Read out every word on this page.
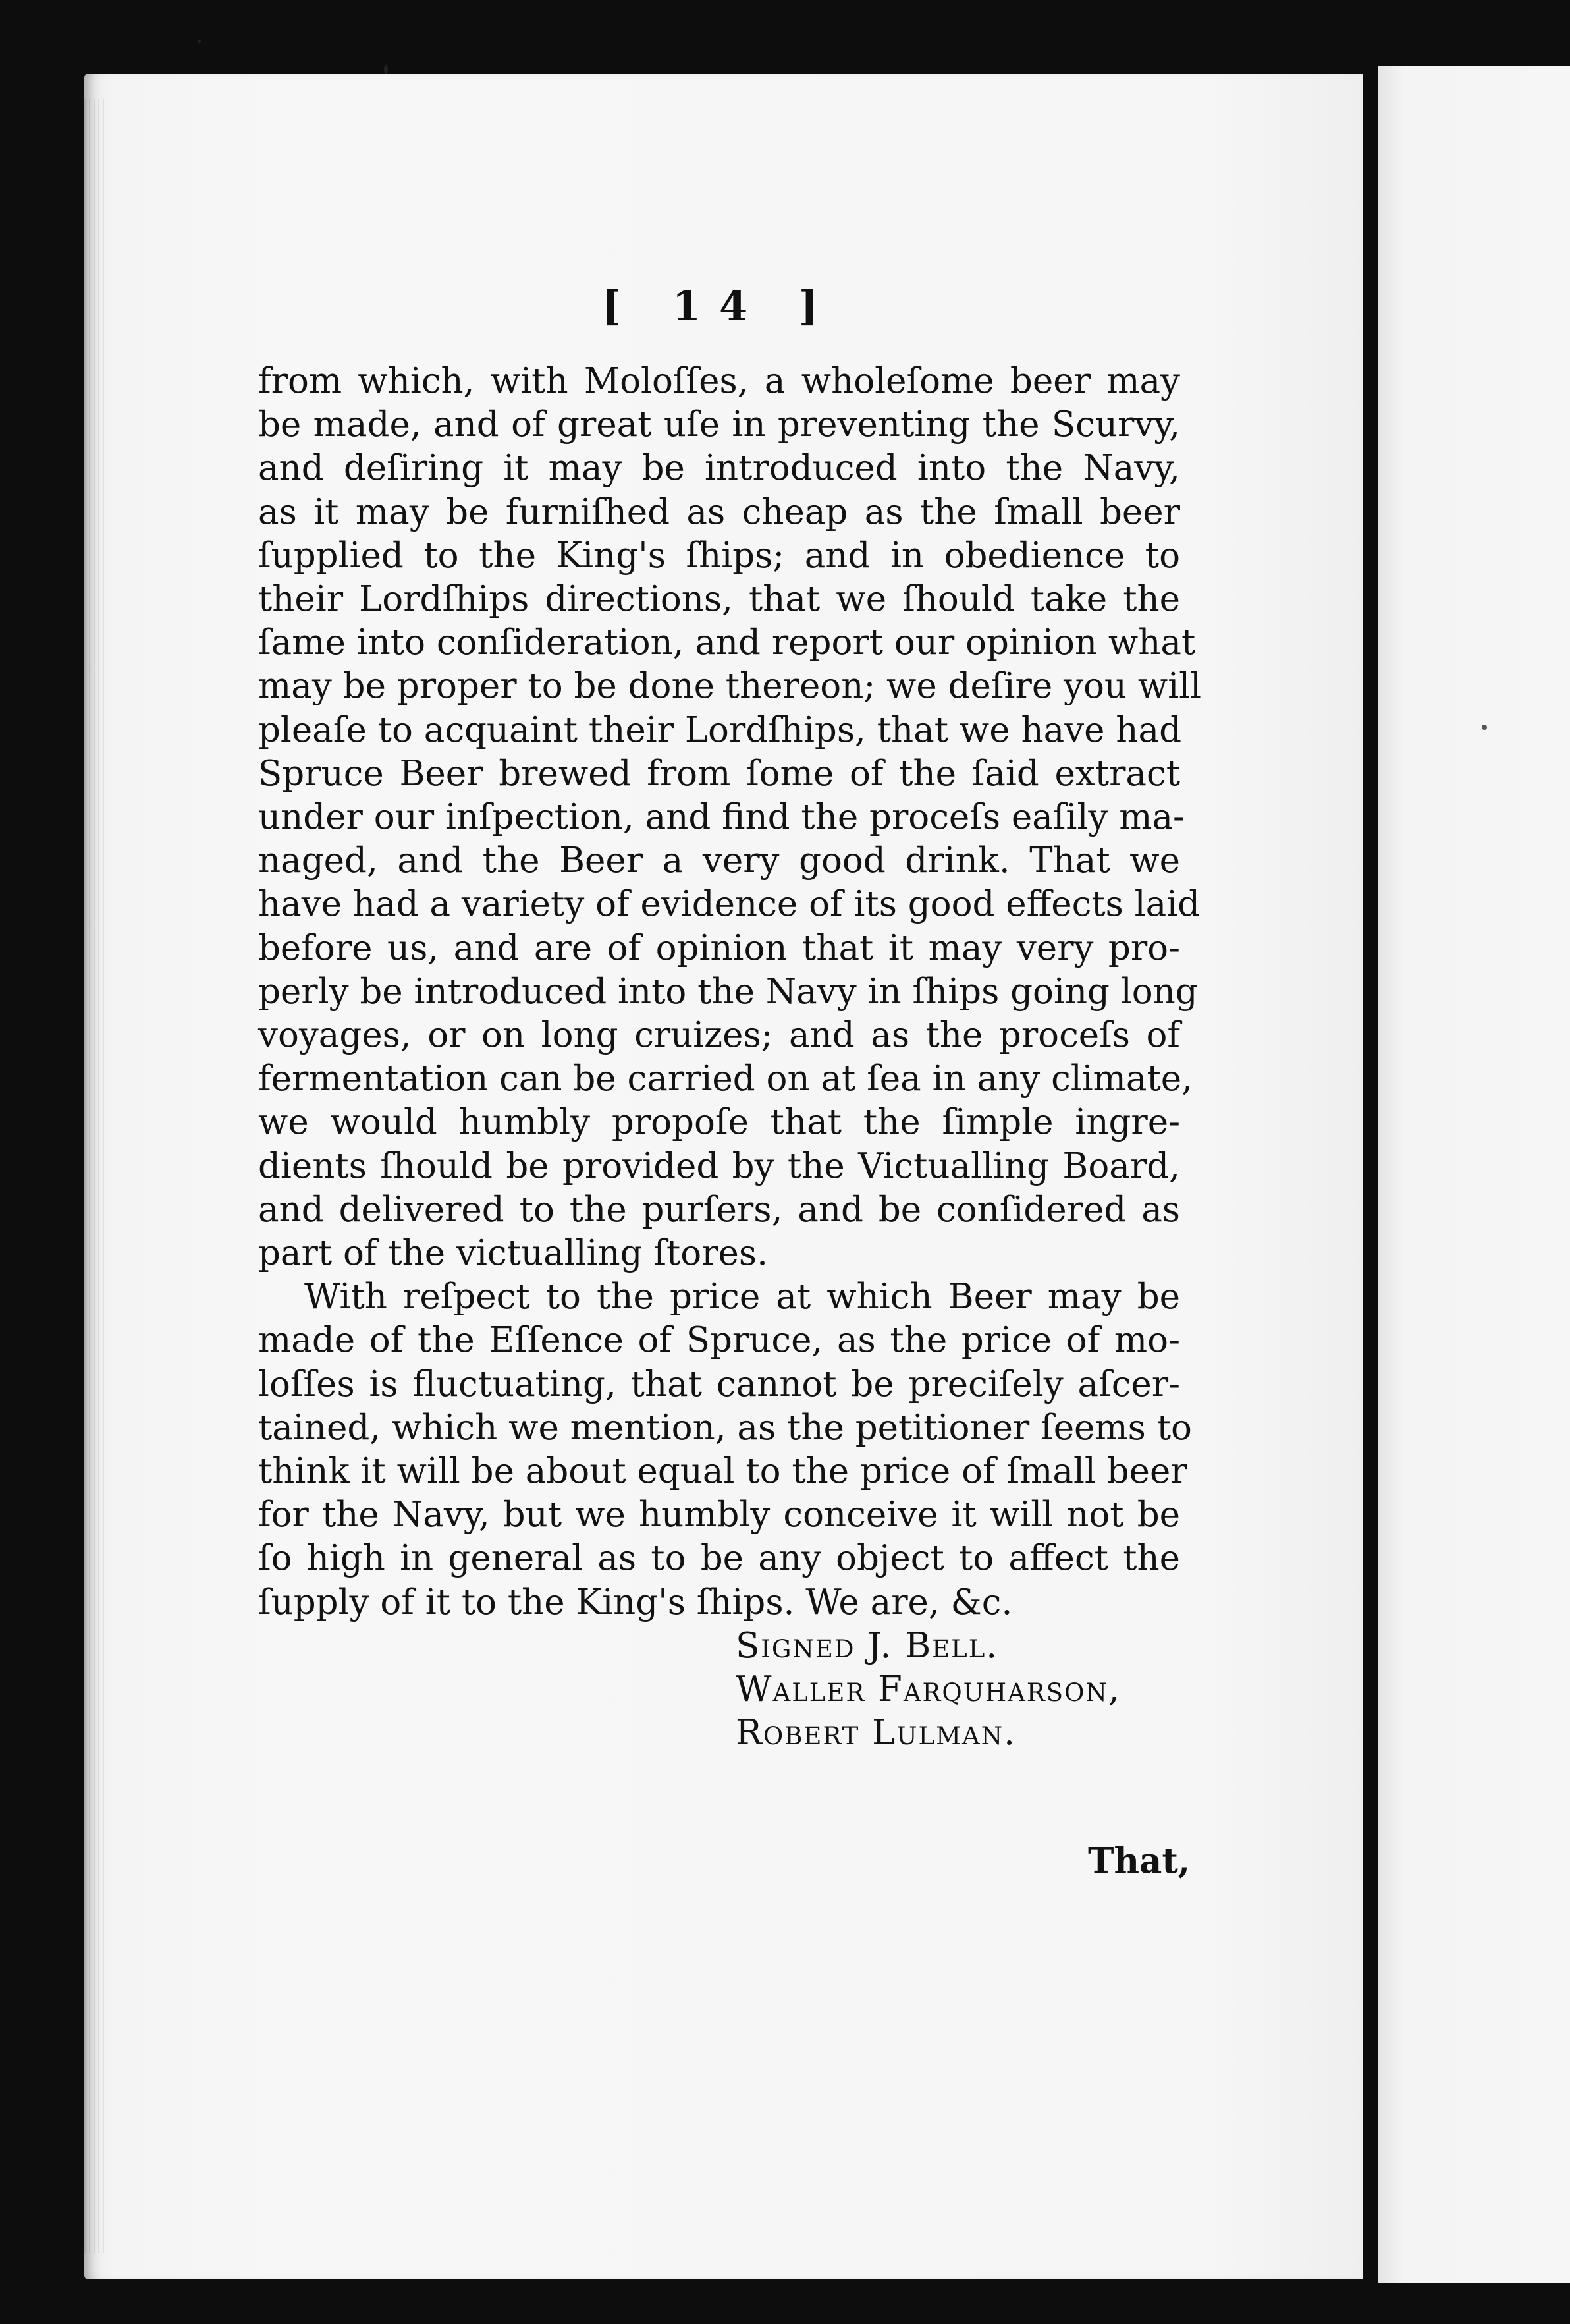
[ 14 ]
from which, with Moloſſes, a wholeſome beer may
be made, and of great uſe in preventing the Scurvy,
and deſiring it may be introduced into the Navy,
as it may be furniſhed as cheap as the ſmall beer
ſupplied to the King's ſhips; and in obedience to
their Lordſhips directions, that we ſhould take the
ſame into conſideration, and report our opinion what
may be proper to be done thereon; we deſire you will
pleaſe to acquaint their Lordſhips, that we have had
Spruce Beer brewed from ſome of the ſaid extract
under our inſpection, and find the proceſs eaſily ma-
naged, and the Beer a very good drink. That we
have had a variety of evidence of its good effects laid
before us, and are of opinion that it may very pro-
perly be introduced into the Navy in ſhips going long
voyages, or on long cruizes; and as the proceſs of
fermentation can be carried on at ſea in any climate,
we would humbly propoſe that the ſimple ingre-
dients ſhould be provided by the Victualling Board,
and delivered to the purſers, and be conſidered as
part of the victualling ſtores.
With reſpect to the price at which Beer may be
made of the Eſſence of Spruce, as the price of mo-
loſſes is fluctuating, that cannot be preciſely aſcer-
tained, which we mention, as the petitioner ſeems to
think it will be about equal to the price of ſmall beer
for the Navy, but we humbly conceive it will not be
ſo high in general as to be any object to affect the
ſupply of it to the King's ſhips. We are, &c.
Signed J. Bell.
Waller Farquharson,
Robert Lulman.
That,
